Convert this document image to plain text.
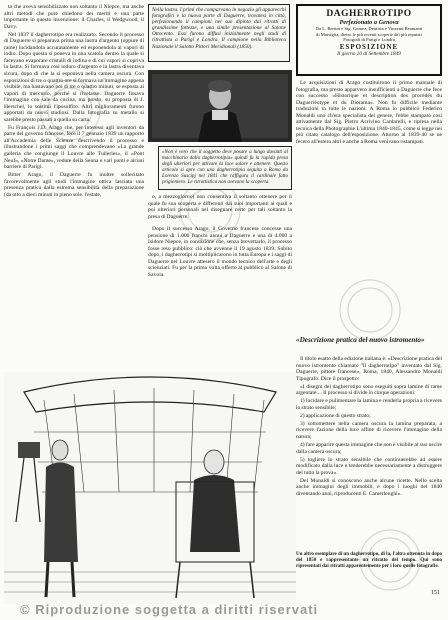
ta che aveva sensibilizzato non soltanto il Niepce, ma anche altri metodi che pure chiedono dei meriti e una parte importante in questo invenzione: il Charles, il Wedgwood, il Davy.

Nel 1837 il dagherrotipo era realizzato. Secondo il processo di Daguerre si preparava prima una lastra d'argento (oppure di rame) lucidandola accuratamente ed esponendola ai vapori di iodio. Dopo questa si poneva in una scatola dentro la quale si facevano evaporare cristalli di iodina e di cui vapori si copriva la lastra. Si formava così ioduro d'argento e la lastra diventava sicura, dopo di che la si esponeva nella camera oscura. Con esposizioni di tre o quattro ore si formava un'immagine appena visibile, ma bastavano poi di tre o quattro minuti, se esposta ai vapori di mercurio, perché si rivelasse. Daguerre fissava l'immagine con sale da cucina, ma presto, su proposta di J. Herschel, lo sostituì l'iposolfito. Altri miglioramenti furono apportati da nuovi studiosi. Dalla fotografia su metallo si sarebbe presto passati a quella su carta.

Fu François J.D. Arago che, per interessi agli inventori da parte del governo francese, fece il 7 gennaio 1839 un rapporto all'Accademia delle Scienze descrivendo il processo e illustrandone i primi saggi che comprendevano «La grande galleria che congiunge il Louvre alle Tuileries», il «Pont Neuf», «Notre Dame», vedute della Senna e vari punti e alcuni barriere di Parigi.

Bitter Arago, il Daguerre fu inoltre sollecitato favorevolmente agli studi l'immagine ottica lasciata una presenza pratica dalla estrema sensibilità della preparazione (da otto a dieci minuti in pieno sole. l'estate,

Nella lastra. I primi che comparvano in negozio gli apparecchi fotografici e la nuova parte di Daguerre, trovatesi in città, perfezionando il campioni nel suo dipinto dai ritratti di grandissime fattezze, e una simile presentazione al Salone Ottocento. Essi furono diffusi inizialmente negli studi di ritrattista a Parigi e Londra. Il campione nella Biblioteca Nazionale il Salotto Pittori Meridionali (1850).
DAGHERROTIPO
Perfezionato a Genova
Da L. Bertini e Sig. Gomez, Dentista e Vinzenti Beamanti
di Marsiglia, dietro le più recenti scoperte dei più reputati
Fotografi di Parigi e Londra
ESPOSIZIONE
Il giorno 10 di Settembre 1849
«Non è vero che il soggetto deve posare a lungo davanti al macchinario dalla dagherrotipia» quindi fu la rapida presa degli ulteriori per attivare la luce solare e ottenere. Questo articolo si apre con una dagherrotipia seguita a Roma da Lorenzo Suscipj nel 1841 che raffigura il cardinale fatto prigioniero. Le ritrattistica non avevano la scoperta.

o, a mezzogiorno) non consentiva il soltanto ottenere per il quale fu sua scoperta e differenti dai suoi importanti ai quali e poi ulteriori personali nel disegnare certe per tali soltanto la presa di Daguerre.

Dopo il successo Arago, il Governo francese concesse una pensione di 1.000 franchi annui a Daguerre e una di 4.000 a Isidore Niepce, in condizione che, senza brevettarlo, il processo fosse reso pubblico: ciò che avvenne il 19 agosto 1839. Subito dopo, i dagherrotipi si moltiplicarono in tutta Europa e i saggi di Daguerre nel Louvre attesero il mondo tecnico dell'arte e degli scienziati. Fu per la prima volta offerto al pubblico al Salone di Savoia.

Le acquisizioni di Arago costituirono il primo manuale di fotografia, ma presto apparvero insufficienti a Daguerre che fece con successo «Historique et description des procédés du Daguerréotype et du Diorama». Non fu difficile mediante traduzioni in tutte le nazioni. A Roma lo pubblicò Federico Monaldi uno ch'era specialista del genere, l'ebbe stampato così attivamente dal Sig. Pietro Acrivino Cardarelli, e ripresa nella tecnica della Photographie L'ultima 1840-1845, come si legge nei più citato catalogo dell'esposizione. Attorno al 1839-40 se ne fecero all'estero altri e anche a Roma venivano ristampati.

«Descrizione pratica del nuovo istromento»

Il titolo esatto della edizione italiana è: «Descrizione pratica del nuovo istromento chiamato "Il dagherrotipo" inventato dal Sig. Daguerre, pittore francese», Roma, 1840, Alessandro Monaldi Tipografo. Dice il prospetto:

«I disegni del dagherrotipo sono eseguiti sopra lamine di rame argentate.... Il processo si divide in cinque operazioni:

1) lucidare e pulimentare la lamina e renderla propria a ricevere lo strato sensibile;

2) applicazione di questo strato;

3) sottomettere nella camera oscura la lamina preparata, a ricevere l'azione della luce affine di ricevere l'immagine della natura;

4) fare apparire questa immagine che non è visibile al suo uscire dalla camera oscura;

5) togliere lo strato sensibile che continuerebbe ad essere modificato dalla luce e tenderebbe necessariamente a distruggere del tutto la prova».

Del Monaldi si conoscono anche alcune ricette. Nello scelta anche immagini degli immobili, e dopo i luoghi del 1840 diventando anni, riproducenti E. Camerlenghi».

Un altro esemplare di un dagherrotipo, di la, l'altra ottenuta in dopo del 1850 e rappresentante un ritratto del tempo. Qui sono ripresentati dai ritratti apparentemente per i loro quelle fotografie.
151
© Riproduzione soggetta a diritti riservati
